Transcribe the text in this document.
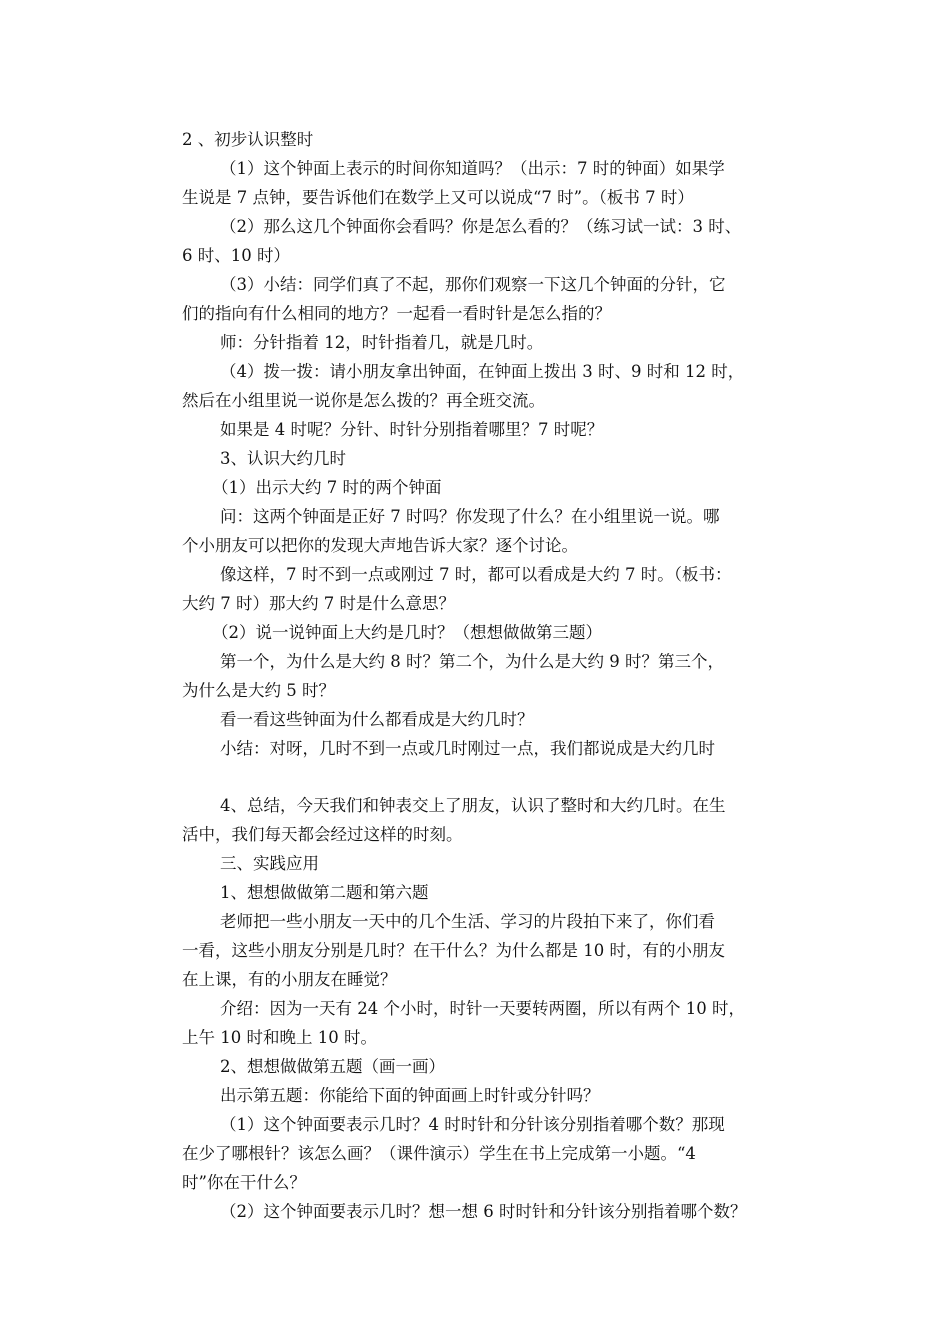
2 、初步认识整时
（1）这个钟面上表示的时间你知道吗？（出示：7 时的钟面）如果学
生说是 7 点钟，要告诉他们在数学上又可以说成“7 时”。（板书 7 时）
（2）那么这几个钟面你会看吗？你是怎么看的？（练习试一试：3 时、
6 时、10 时）
（3）小结：同学们真了不起，那你们观察一下这几个钟面的分针，它
们的指向有什么相同的地方？一起看一看时针是怎么指的？
师：分针指着 12，时针指着几，就是几时。
（4）拨一拨：请小朋友拿出钟面，在钟面上拨出 3 时、9 时和 12 时，
然后在小组里说一说你是怎么拨的？再全班交流。
如果是 4 时呢？分针、时针分别指着哪里？7 时呢？
3、认识大约几时
（1）出示大约 7 时的两个钟面
问：这两个钟面是正好 7 时吗？你发现了什么？在小组里说一说。哪
个小朋友可以把你的发现大声地告诉大家？逐个讨论。
像这样，7 时不到一点或刚过 7 时，都可以看成是大约 7 时。（板书：
大约 7 时）那大约 7 时是什么意思？
（2）说一说钟面上大约是几时？（想想做做第三题）
第一个，为什么是大约 8 时？第二个，为什么是大约 9 时？第三个，
为什么是大约 5 时？
看一看这些钟面为什么都看成是大约几时？
小结：对呀，几时不到一点或几时刚过一点，我们都说成是大约几时
4、总结，今天我们和钟表交上了朋友，认识了整时和大约几时。在生
活中，我们每天都会经过这样的时刻。
三、实践应用
1、想想做做第二题和第六题
老师把一些小朋友一天中的几个生活、学习的片段拍下来了，你们看
一看，这些小朋友分别是几时？在干什么？为什么都是 10 时，有的小朋友
在上课，有的小朋友在睡觉？
介绍：因为一天有 24 个小时，时针一天要转两圈，所以有两个 10 时，
上午 10 时和晚上 10 时。
2、想想做做第五题（画一画）
出示第五题：你能给下面的钟面画上时针或分针吗？
（1）这个钟面要表示几时？4 时时针和分针该分别指着哪个数？那现
在少了哪根针？该怎么画？（课件演示）学生在书上完成第一小题。“4
时”你在干什么？
（2）这个钟面要表示几时？想一想 6 时时针和分针该分别指着哪个数？
